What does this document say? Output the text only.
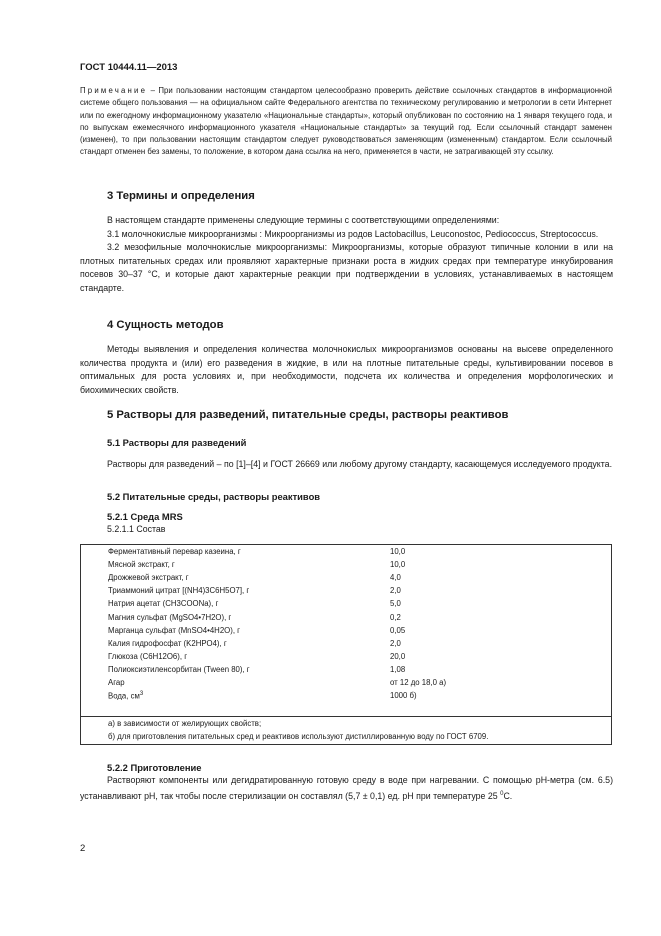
ГОСТ 10444.11—2013
Примечание – При пользовании настоящим стандартом целесообразно проверить действие ссылочных стандартов в информационной системе общего пользования — на официальном сайте Федерального агентства по техническому регулированию и метрологии в сети Интернет или по ежегодному информационному указателю «Национальные стандарты», который опубликован по состоянию на 1 января текущего года, и по выпускам ежемесячного информационного указателя «Национальные стандарты» за текущий год. Если ссылочный стандарт заменен (изменен), то при пользовании настоящим стандартом следует руководствоваться заменяющим (измененным) стандартом. Если ссылочный стандарт отменен без замены, то положение, в котором дана ссылка на него, применяется в части, не затрагивающей эту ссылку.
3 Термины и определения

В настоящем стандарте применены следующие термины с соответствующими определениями:

3.1 молочнокислые микроорганизмы : Микроорганизмы из родов Lactobacillus, Leuconostoc, Pediococcus, Streptococcus.

3.2 мезофильные молочнокислые микроорганизмы: Микроорганизмы, которые образуют типичные колонии в или на плотных питательных средах или проявляют характерные признаки роста в жидких средах при температуре инкубирования посевов 30–37 °С, и которые дают характерные реакции при подтверждении в условиях, устанавливаемых в настоящем стандарте.

4 Сущность методов

Методы выявления и определения количества молочнокислых микроорганизмов основаны на высеве определенного количества продукта и (или) его разведения в жидкие, в или на плотные питательные среды, культивировании посевов в оптимальных для роста условиях и, при необходимости, подсчета их количества и определения морфологических и биохимических свойств.

5 Растворы для разведений, питательные среды, растворы реактивов
5.1 Растворы для разведений

Растворы для разведений – по [1]–[4] и ГОСТ 26669 или любому другому стандарту, касающемуся исследуемого продукта.

5.2 Питательные среды, растворы реактивов
5.2.1 Среда MRS
5.2.1.1 Состав
Ферментативный перевар казеина, г	10,0
Мясной экстракт, г	10,0
Дрожжевой экстракт, г	4,0
Триаммоний цитрат [(NH4)3C6H5O7], г	2,0
Натрия ацетат (CH3COONa), г	5,0
Магния сульфат (MgSO4•7H2O), г	0,2
Марганца сульфат (MnSO4•4H2O), г	0,05
Калия гидрофосфат (K2HPO4), г	2,0
Глюкоза (C6H12O6), г	20,0
Полиоксиэтиленсорбитан (Tween 80), г	1,08
Агар	от 12 до 18,0 а)
Вода, $см^3$	1000 б)
а) в зависимости от желирующих свойств;
б) для приготовления питательных сред и реактивов используют дистиллированную воду по ГОСТ 6709.
5.2.2 Приготовление

Растворяют компоненты или дегидратированную готовую среду в воде при нагревании. С помощью рН-метра (см. 6.5) устанавливают рН, так чтобы после стерилизации он составлял (5,7 ± 0,1) ед. рН при температуре 25 $^0$С.

2
